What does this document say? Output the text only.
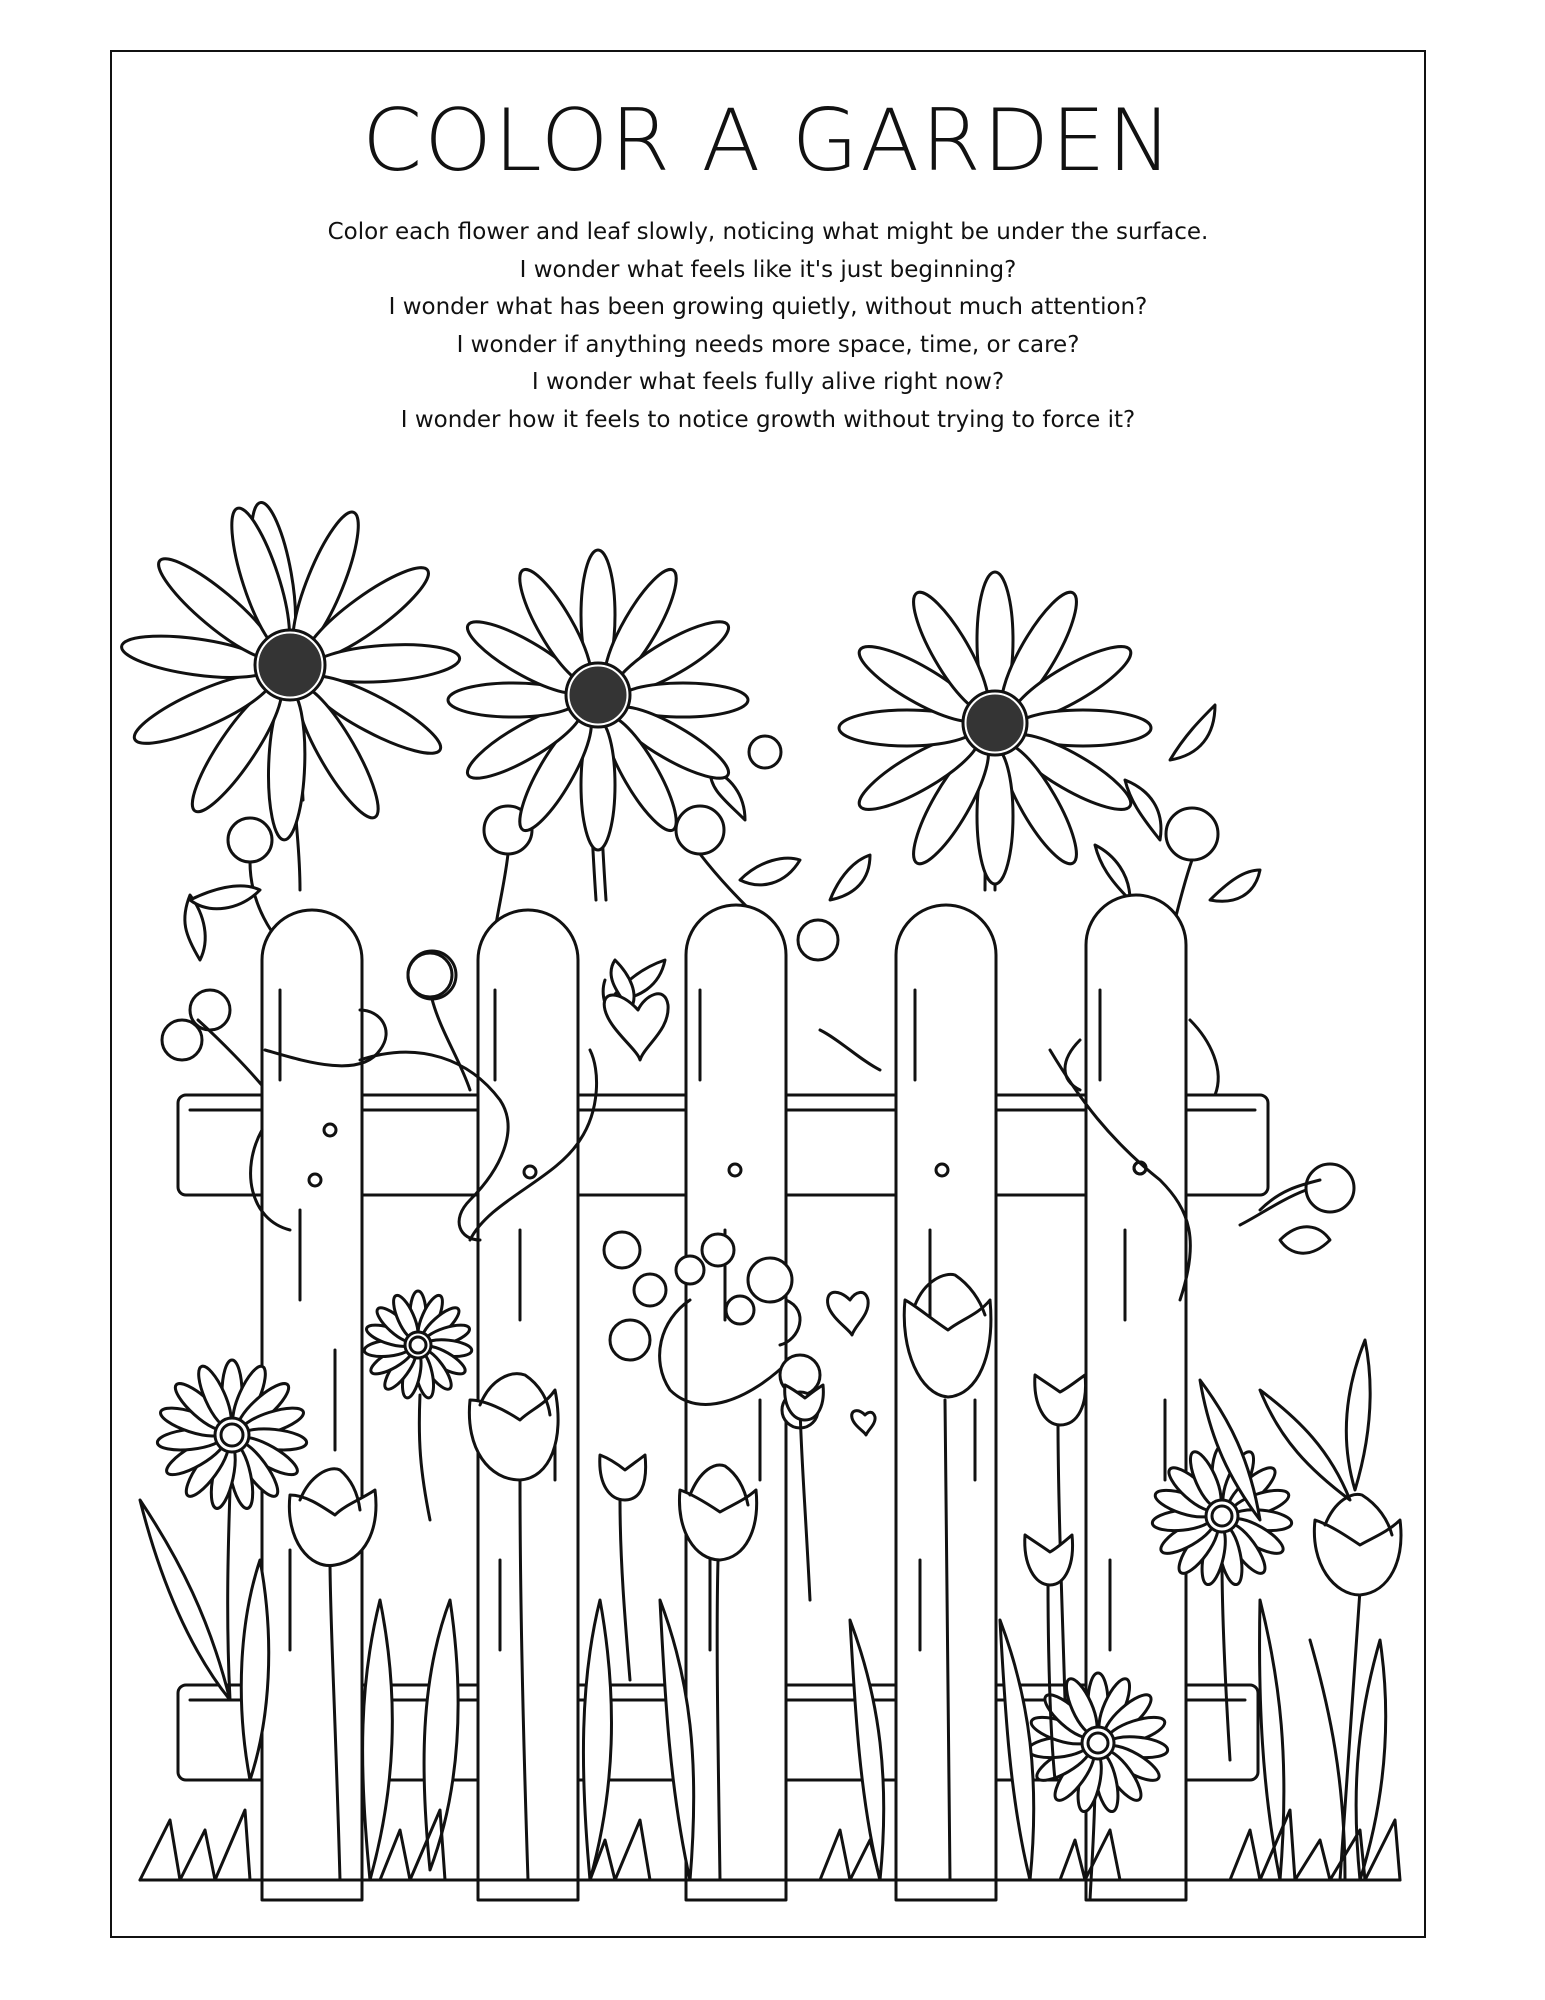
COLOR A GARDEN
Color each flower and leaf slowly, noticing what might be under the surface.
I wonder what feels like it's just beginning?
I wonder what has been growing quietly, without much attention?
I wonder if anything needs more space, time, or care?
I wonder what feels fully alive right now?
I wonder how it feels to notice growth without trying to force it?
